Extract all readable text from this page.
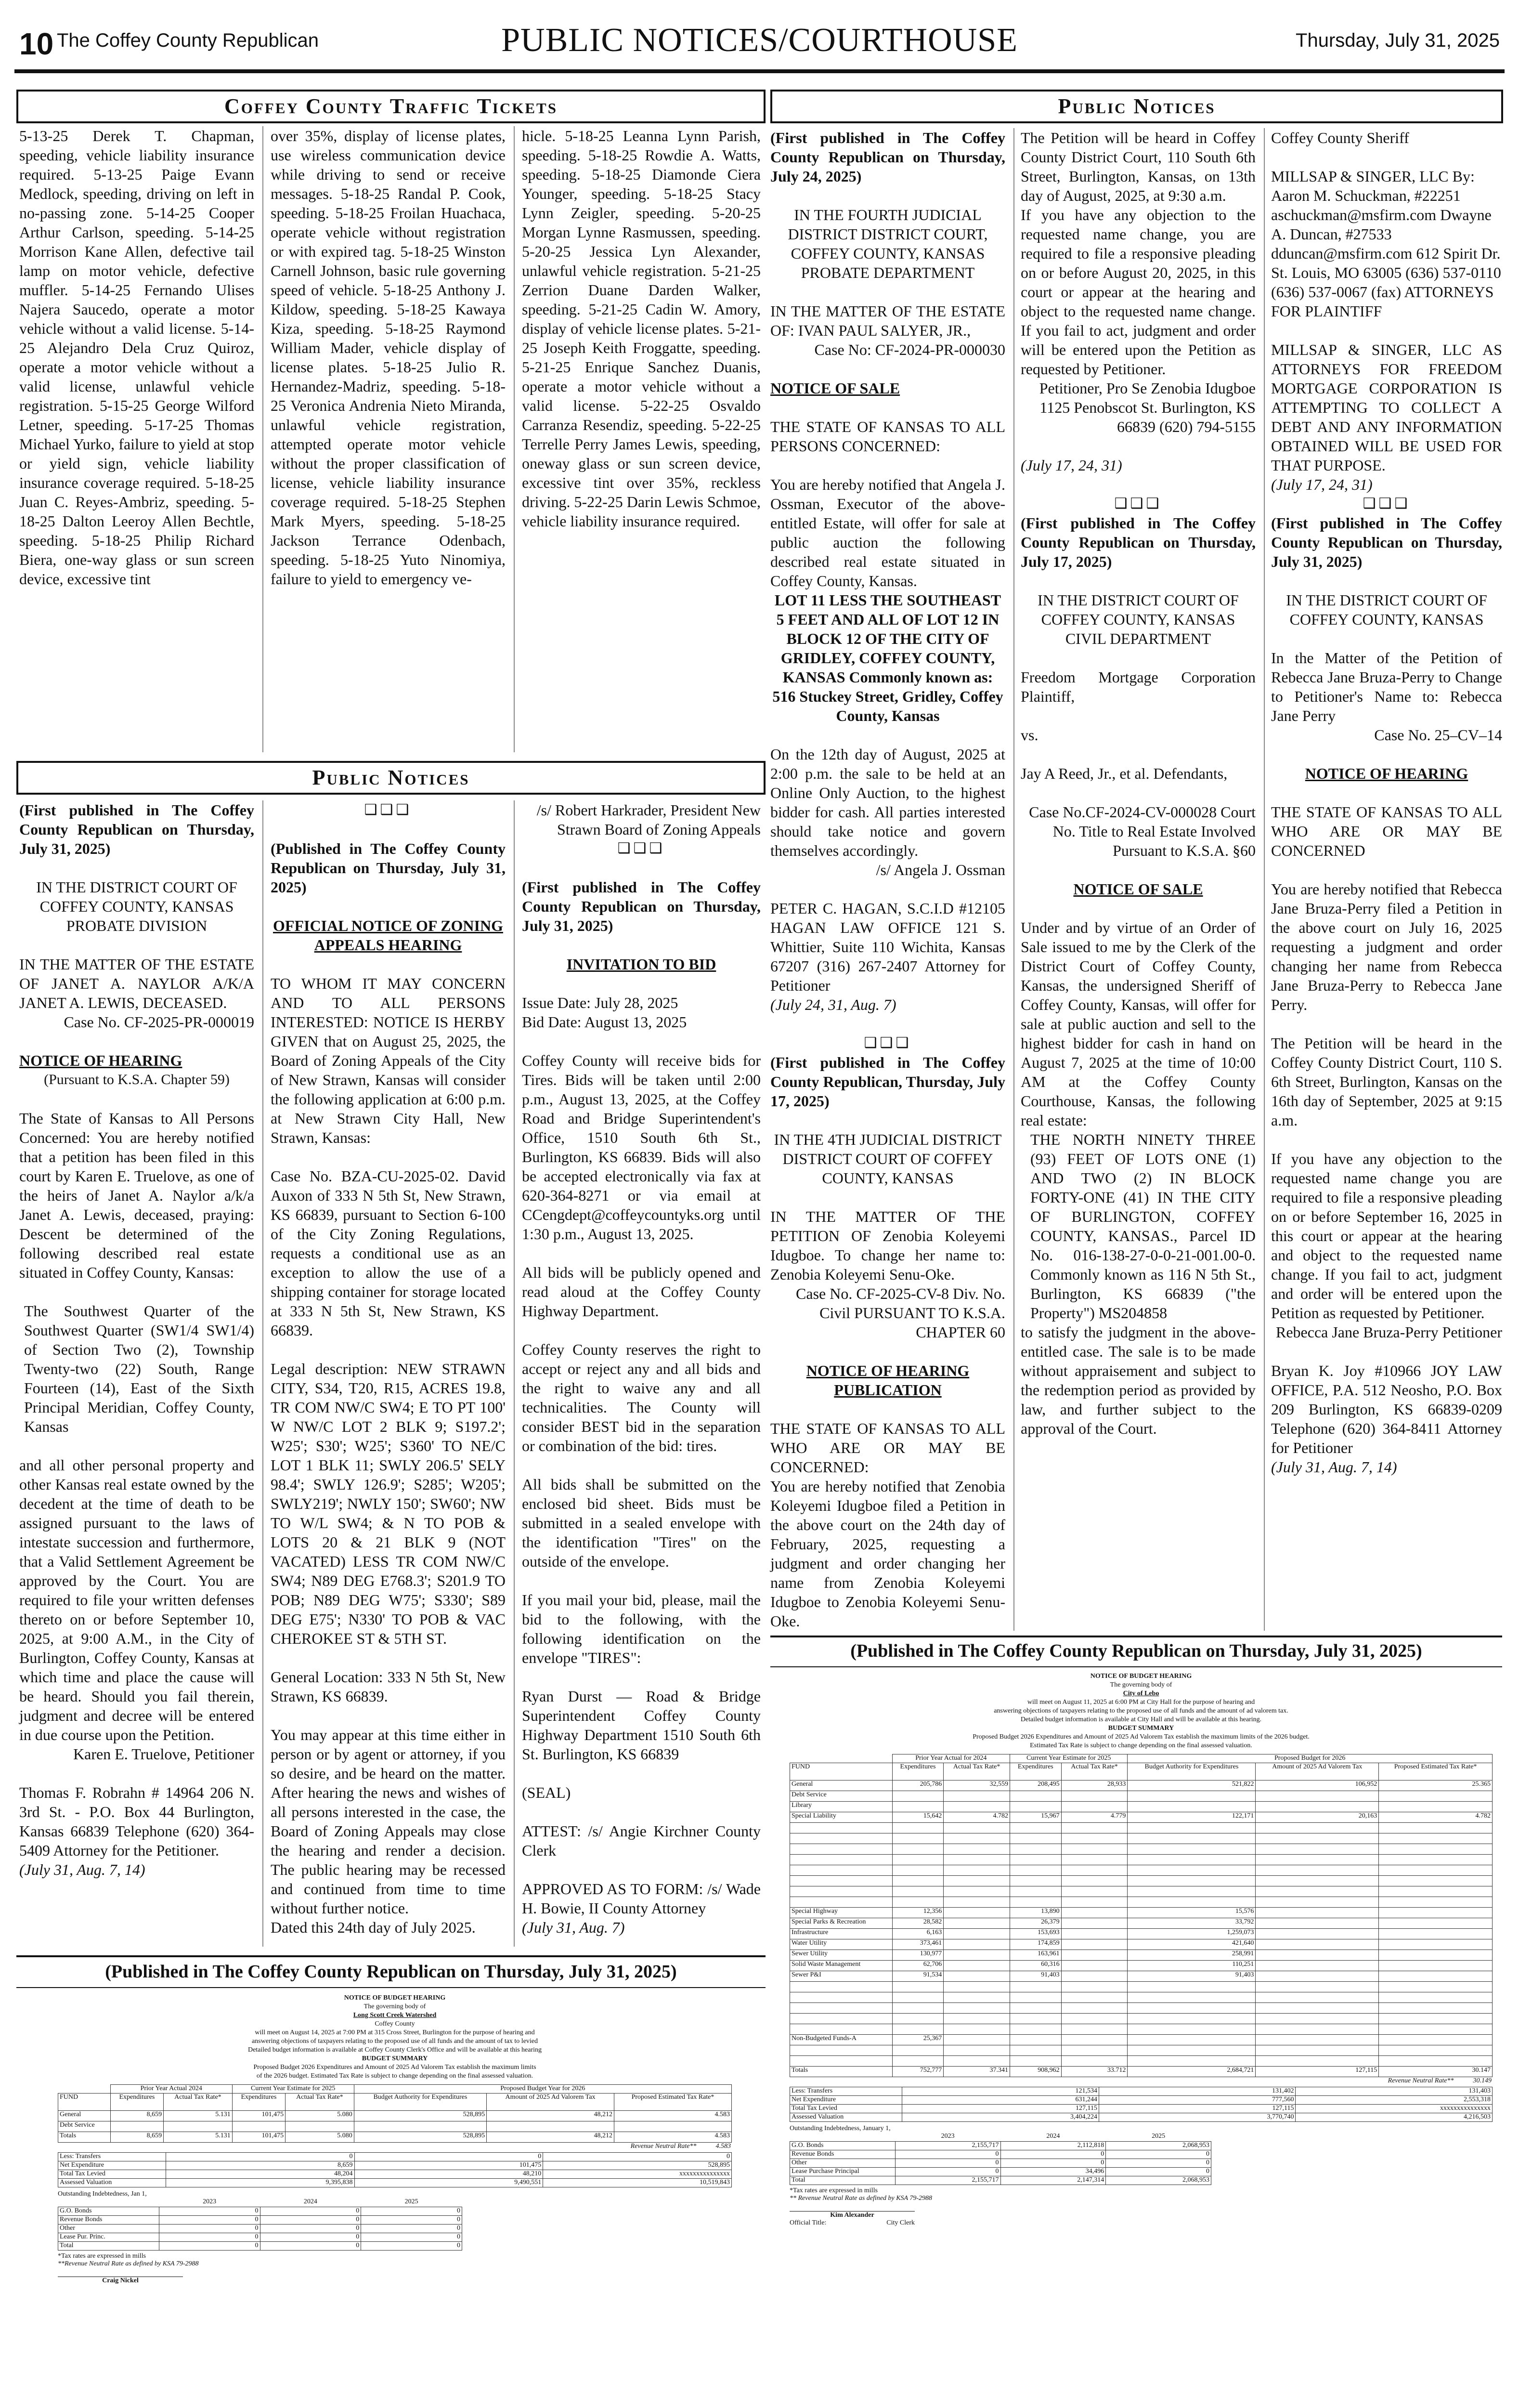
10 The Coffey County Republican	PUBLIC NOTICES/COURTHOUSE	Thursday, July 31, 2025
Coffey County Traffic Tickets
5-13-25 Derek T. Chapman, speeding, vehicle liability insurance required. 5-13-25 Paige Evann Medlock, speeding, driving on left in no-passing zone. 5-14-25 Cooper Arthur Carlson, speeding. 5-14-25 Morrison Kane Allen, defective tail lamp on motor vehicle, defective muffler. 5-14-25 Fernando Ulises Najera Saucedo, operate a motor vehicle without a valid license. 5-14-25 Alejandro Dela Cruz Quiroz, operate a motor vehicle without a valid license, unlawful vehicle registration. 5-15-25 George Wilford Letner, speeding. 5-17-25 Thomas Michael Yurko, failure to yield at stop or yield sign, vehicle liability insurance coverage required. 5-18-25 Juan C. Reyes-Ambriz, speeding. 5-18-25 Dalton Leeroy Allen Bechtle, speeding. 5-18-25 Philip Richard Biera, one-way glass or sun screen device, excessive tint
over 35%, display of license plates, use wireless communication device while driving to send or receive messages. 5-18-25 Randal P. Cook, speeding. 5-18-25 Froilan Huachaca, operate vehicle without registration or with expired tag. 5-18-25 Winston Carnell Johnson, basic rule governing speed of vehicle. 5-18-25 Anthony J. Kildow, speeding. 5-18-25 Kawaya Kiza, speeding. 5-18-25 Raymond William Mader, vehicle display of license plates. 5-18-25 Julio R. Hernandez-Madriz, speeding. 5-18-25 Veronica Andrenia Nieto Miranda, unlawful vehicle registration, attempted operate motor vehicle without the proper classification of license, vehicle liability insurance coverage required. 5-18-25 Stephen Mark Myers, speeding. 5-18-25 Jackson Terrance Odenbach, speeding. 5-18-25 Yuto Ninomiya, failure to yield to emergency ve-
hicle. 5-18-25 Leanna Lynn Parish, speeding. 5-18-25 Rowdie A. Watts, speeding. 5-18-25 Diamonde Ciera Younger, speeding. 5-18-25 Stacy Lynn Zeigler, speeding. 5-20-25 Morgan Lynne Rasmussen, speeding. 5-20-25 Jessica Lyn Alexander, unlawful vehicle registration. 5-21-25 Zerrion Duane Darden Walker, speeding. 5-21-25 Cadin W. Amory, display of vehicle license plates. 5-21-25 Joseph Keith Froggatte, speeding. 5-21-25 Enrique Sanchez Duanis, operate a motor vehicle without a valid license. 5-22-25 Osvaldo Carranza Resendiz, speeding. 5-22-25 Terrelle Perry James Lewis, speeding, oneway glass or sun screen device, excessive tint over 35%, reckless driving. 5-22-25 Darin Lewis Schmoe, vehicle liability insurance required.
Public Notices
Public Notices

(First published in The Coffey County Republican on Thursday, July 31, 2025)

IN THE DISTRICT COURT OF COFFEY COUNTY, KANSAS PROBATE DIVISION

IN THE MATTER OF THE ESTATE OF JANET A. NAYLOR A/K/A JANET A. LEWIS, DECEASED.

Case No. CF-2025-PR-000019

NOTICE OF HEARING

(Pursuant to K.S.A. Chapter 59)

The State of Kansas to All Persons Concerned: You are hereby notified that a petition has been filed in this court by Karen E. Truelove, as one of the heirs of Janet A. Naylor a/k/a Janet A. Lewis, deceased, praying: Descent be determined of the following described real estate situated in Coffey County, Kansas:

The Southwest Quarter of the Southwest Quarter (SW1/4 SW1/4) of Section Two (2), Township Twenty-two (22) South, Range Fourteen (14), East of the Sixth Principal Meridian, Coffey County, Kansas

and all other personal property and other Kansas real estate owned by the decedent at the time of death to be assigned pursuant to the laws of intestate succession and furthermore, that a Valid Settlement Agreement be approved by the Court. You are required to file your written defenses thereto on or before September 10, 2025, at 9:00 A.M., in the City of Burlington, Coffey County, Kansas at which time and place the cause will be heard. Should you fail therein, judgment and decree will be entered in due course upon the Petition.

Karen E. Truelove, Petitioner

Thomas F. Robrahn # 14964 206 N. 3rd St. - P.O. Box 44 Burlington, Kansas 66839 Telephone (620) 364-5409 Attorney for the Petitioner.

(July 31, Aug. 7, 14)

❑❑❑

(Published in The Coffey County Republican on Thursday, July 31, 2025)

OFFICIAL NOTICE OF ZONING APPEALS HEARING

TO WHOM IT MAY CONCERN AND TO ALL PERSONS INTERESTED: NOTICE IS HERBY GIVEN that on August 25, 2025, the Board of Zoning Appeals of the City of New Strawn, Kansas will consider the following application at 6:00 p.m. at New Strawn City Hall, New Strawn, Kansas:

Case No. BZA-CU-2025-02. David Auxon of 333 N 5th St, New Strawn, KS 66839, pursuant to Section 6-100 of the City Zoning Regulations, requests a conditional use as an exception to allow the use of a shipping container for storage located at 333 N 5th St, New Strawn, KS 66839.

Legal description: NEW STRAWN CITY, S34, T20, R15, ACRES 19.8, TR COM NW/C SW4; E TO PT 100' W NW/C LOT 2 BLK 9; S197.2'; W25'; S30'; W25'; S360' TO NE/C LOT 1 BLK 11; SWLY 206.5' SELY 98.4'; SWLY 126.9'; S285'; W205'; SWLY219'; NWLY 150'; SW60'; NW TO W/L SW4; & N TO POB & LOTS 20 & 21 BLK 9 (NOT VACATED) LESS TR COM NW/C SW4; N89 DEG E768.3'; S201.9 TO POB; N89 DEG W75'; S330'; S89 DEG E75'; N330' TO POB & VAC CHEROKEE ST & 5TH ST.

General Location: 333 N 5th St, New Strawn, KS 66839.

You may appear at this time either in person or by agent or attorney, if you so desire, and be heard on the matter. After hearing the news and wishes of all persons interested in the case, the Board of Zoning Appeals may close the hearing and render a decision. The public hearing may be recessed and continued from time to time without further notice.

Dated this 24th day of July 2025.

/s/ Robert Harkrader, President New Strawn Board of Zoning Appeals

❑❑❑

(First published in The Coffey County Republican on Thursday, July 31, 2025)

INVITATION TO BID

Issue Date: July 28, 2025

Bid Date: August 13, 2025

Coffey County will receive bids for Tires. Bids will be taken until 2:00 p.m., August 13, 2025, at the Coffey Road and Bridge Superintendent's Office, 1510 South 6th St., Burlington, KS 66839. Bids will also be accepted electronically via fax at 620-364-8271 or via email at CCengdept@coffeycountyks.org until 1:30 p.m., August 13, 2025.

All bids will be publicly opened and read aloud at the Coffey County Highway Department.

Coffey County reserves the right to accept or reject any and all bids and the right to waive any and all technicalities. The County will consider BEST bid in the separation or combination of the bid: tires.

All bids shall be submitted on the enclosed bid sheet. Bids must be submitted in a sealed envelope with the identification "Tires" on the outside of the envelope.

If you mail your bid, please, mail the bid to the following, with the following identification on the envelope "TIRES":

Ryan Durst — Road & Bridge Superintendent Coffey County Highway Department 1510 South 6th St. Burlington, KS 66839

(SEAL)

ATTEST: /s/ Angie Kirchner County Clerk

APPROVED AS TO FORM: /s/ Wade H. Bowie, II County Attorney

(July 31, Aug. 7)

(First published in The Coffey County Republican on Thursday, July 24, 2025)

IN THE FOURTH JUDICIAL DISTRICT DISTRICT COURT, COFFEY COUNTY, KANSAS PROBATE DEPARTMENT

IN THE MATTER OF THE ESTATE OF: IVAN PAUL SALYER, JR.,

Case No: CF-2024-PR-000030

NOTICE OF SALE

THE STATE OF KANSAS TO ALL PERSONS CONCERNED:

You are hereby notified that Angela J. Ossman, Executor of the above-entitled Estate, will offer for sale at public auction the following described real estate situated in Coffey County, Kansas.

LOT 11 LESS THE SOUTHEAST 5 FEET AND ALL OF LOT 12 IN BLOCK 12 OF THE CITY OF GRIDLEY, COFFEY COUNTY, KANSAS Commonly known as: 516 Stuckey Street, Gridley, Coffey County, Kansas

On the 12th day of August, 2025 at 2:00 p.m. the sale to be held at an Online Only Auction, to the highest bidder for cash. All parties interested should take notice and govern themselves accordingly.

/s/ Angela J. Ossman

PETER C. HAGAN, S.C.I.D #12105 HAGAN LAW OFFICE 121 S. Whittier, Suite 110 Wichita, Kansas 67207 (316) 267-2407 Attorney for Petitioner

(July 24, 31, Aug. 7)

❑❑❑

(First published in The Coffey County Republican, Thursday, July 17, 2025)

IN THE 4TH JUDICIAL DISTRICT DISTRICT COURT OF COFFEY COUNTY, KANSAS

IN THE MATTER OF THE PETITION OF Zenobia Koleyemi Idugboe. To change her name to: Zenobia Koleyemi Senu-Oke.

Case No. CF-2025-CV-8 Div. No. Civil PURSUANT TO K.S.A. CHAPTER 60

NOTICE OF HEARING PUBLICATION

THE STATE OF KANSAS TO ALL WHO ARE OR MAY BE CONCERNED:

You are hereby notified that Zenobia Koleyemi Idugboe filed a Petition in the above court on the 24th day of February, 2025, requesting a judgment and order changing her name from Zenobia Koleyemi Idugboe to Zenobia Koleyemi Senu-Oke.

The Petition will be heard in Coffey County District Court, 110 South 6th Street, Burlington, Kansas, on 13th day of August, 2025, at 9:30 a.m.

If you have any objection to the requested name change, you are required to file a responsive pleading on or before August 20, 2025, in this court or appear at the hearing and object to the requested name change. If you fail to act, judgment and order will be entered upon the Petition as requested by Petitioner.

Petitioner, Pro Se Zenobia Idugboe 1125 Penobscot St. Burlington, KS 66839 (620) 794-5155

(July 17, 24, 31)

❑❑❑

(First published in The Coffey County Republican on Thursday, July 17, 2025)

IN THE DISTRICT COURT OF COFFEY COUNTY, KANSAS CIVIL DEPARTMENT

Freedom Mortgage Corporation Plaintiff,

vs.

Jay A Reed, Jr., et al. Defendants,

Case No.CF-2024-CV-000028 Court No. Title to Real Estate Involved Pursuant to K.S.A. §60

NOTICE OF SALE

Under and by virtue of an Order of Sale issued to me by the Clerk of the District Court of Coffey County, Kansas, the undersigned Sheriff of Coffey County, Kansas, will offer for sale at public auction and sell to the highest bidder for cash in hand on August 7, 2025 at the time of 10:00 AM at the Coffey County Courthouse, Kansas, the following real estate:

THE NORTH NINETY THREE (93) FEET OF LOTS ONE (1) AND TWO (2) IN BLOCK FORTY-ONE (41) IN THE CITY OF BURLINGTON, COFFEY COUNTY, KANSAS., Parcel ID No. 016-138-27-0-0-21-001.00-0. Commonly known as 116 N 5th St., Burlington, KS 66839 ("the Property") MS204858

to satisfy the judgment in the above-entitled case. The sale is to be made without appraisement and subject to the redemption period as provided by law, and further subject to the approval of the Court.

Coffey County Sheriff

MILLSAP & SINGER, LLC By: Aaron M. Schuckman, #22251 aschuckman@msfirm.com Dwayne A. Duncan, #27533 dduncan@msfirm.com 612 Spirit Dr. St. Louis, MO 63005 (636) 537-0110 (636) 537-0067 (fax) ATTORNEYS FOR PLAINTIFF

MILLSAP & SINGER, LLC AS ATTORNEYS FOR FREEDOM MORTGAGE CORPORATION IS ATTEMPTING TO COLLECT A DEBT AND ANY INFORMATION OBTAINED WILL BE USED FOR THAT PURPOSE.

(July 17, 24, 31)

❑❑❑

(First published in The Coffey County Republican on Thursday, July 31, 2025)

IN THE DISTRICT COURT OF COFFEY COUNTY, KANSAS

In the Matter of the Petition of Rebecca Jane Bruza-Perry to Change to Petitioner's Name to: Rebecca Jane Perry

Case No. 25–CV–14

NOTICE OF HEARING

THE STATE OF KANSAS TO ALL WHO ARE OR MAY BE CONCERNED

You are hereby notified that Rebecca Jane Bruza-Perry filed a Petition in the above court on July 16, 2025 requesting a judgment and order changing her name from Rebecca Jane Bruza-Perry to Rebecca Jane Perry.

The Petition will be heard in the Coffey County District Court, 110 S. 6th Street, Burlington, Kansas on the 16th day of September, 2025 at 9:15 a.m.

If you have any objection to the requested name change you are required to file a responsive pleading on or before September 16, 2025 in this court or appear at the hearing and object to the requested name change. If you fail to act, judgment and order will be entered upon the Petition as requested by Petitioner.

Rebecca Jane Bruza-Perry Petitioner

Bryan K. Joy #10966 JOY LAW OFFICE, P.A. 512 Neosho, P.O. Box 209 Burlington, KS 66839-0209 Telephone (620) 364-8411 Attorney for Petitioner

(July 31, Aug. 7, 14)

(Published in The Coffey County Republican on Thursday, July 31, 2025)
NOTICE OF BUDGET HEARING
The governing body of
City of Lebo
will meet on August 11, 2025 at 6:00 PM at City Hall for the purpose of hearing and
answering objections of taxpayers relating to the proposed use of all funds and the amount of ad valorem tax.
Detailed budget information is available at City Hall and will be available at this hearing.
BUDGET SUMMARY
Proposed Budget 2026 Expenditures and Amount of 2025 Ad Valorem Tax establish the maximum limits of the 2026 budget.
Estimated Tax Rate is subject to change depending on the final assessed valuation.
	Prior Year Actual for 2024		Current Year Estimate for 2025		Proposed Budget for 2026		
FUND	Expenditures	Actual Tax Rate*	Expenditures	Actual Tax Rate*	Budget Authority for Expenditures	Amount of 2025 Ad Valorem Tax	Proposed Estimated Tax Rate*
General	205,786	32,559	208,495	28,933	521,822	106,952	25.365
Debt Service							
Library							
Special Liability	15,642	4.782	15,967	4.779	122,171	20,163	4.782

Special Highway	12,356		13,890		15,576		
Special Parks & Recreation	28,582		26,379		33,792		
Infrastructure	6,163		153,693		1,259,073		
Water Utility	373,461		174,859		421,640		
Sewer Utility	130,977		163,961		258,991		
Solid Waste Management	62,706		60,316		110,251		
Sewer P&I	91,534		91,403		91,403		

Non-Budgeted Funds-A	25,367						

Totals	752,777	37.341	908,962	33.712	2,684,721	127,115	30.147
Revenue Neutral Rate**	30.149
Less: Transfers	121,534	131,402	131,403
Net Expenditure	631,244	777,560	2,553,318
Total Tax Levied	127,115	127,115	xxxxxxxxxxxxxxx
Assessed Valuation	3,404,224	3,770,740	4,216,503
Outstanding Indebtedness, January 1,
	2023	2024	2025
G.O. Bonds	2,155,717	2,112,818	2,068,953
Revenue Bonds	0	0	0
Other	0	0	0
Lease Purchase Principal	0	34,496	0
Total	2,155,717	2,147,314	2,068,953
*Tax rates are expressed in mills
** Revenue Neutral Rate as defined by KSA 79-2988
Kim Alexander
Official Title:	City Clerk
(Published in The Coffey County Republican on Thursday, July 31, 2025)
NOTICE OF BUDGET HEARING
The governing body of
Long Scott Creek Watershed
Coffey County
will meet on August 14, 2025 at 7:00 PM at 315 Cross Street, Burlington for the purpose of hearing and
answering objections of taxpayers relating to the proposed use of all funds and the amount of tax to levied
Detailed budget information is available at Coffey County Clerk's Office and will be available at this hearing
BUDGET SUMMARY
Proposed Budget 2026 Expenditures and Amount of 2025 Ad Valorem Tax establish the maximum limits
of the 2026 budget. Estimated Tax Rate is subject to change depending on the final assessed valuation.
	Prior Year Actual 2024		Current Year Estimate for 2025		Proposed Budget Year for 2026		
FUND	Expenditures	Actual Tax Rate*	Expenditures	Actual Tax Rate*	Budget Authority for Expenditures	Amount of 2025 Ad Valorem Tax	Proposed Estimated Tax Rate*
General	8,659	5.131	101,475	5.080	528,895	48,212	4.583
Debt Service							
Totals	8,659	5.131	101,475	5.080	528,895	48,212	4.583
Revenue Neutral Rate**	4.583
Less: Transfers	0	0	0
Net Expenditure	8,659	101,475	528,895
Total Tax Levied	48,204	48,210	xxxxxxxxxxxxxxx
Assessed Valuation	9,395,838	9,490,551	10,519,843
Outstanding Indebtedness, Jan 1,
	2023	2024	2025
G.O. Bonds	0	0	0
Revenue Bonds	0	0	0
Other	0	0	0
Lease Pur. Princ.	0	0	0
Total	0	0	0
*Tax rates are expressed in mills
**Revenue Neutral Rate as defined by KSA 79-2988
Craig Nickel
